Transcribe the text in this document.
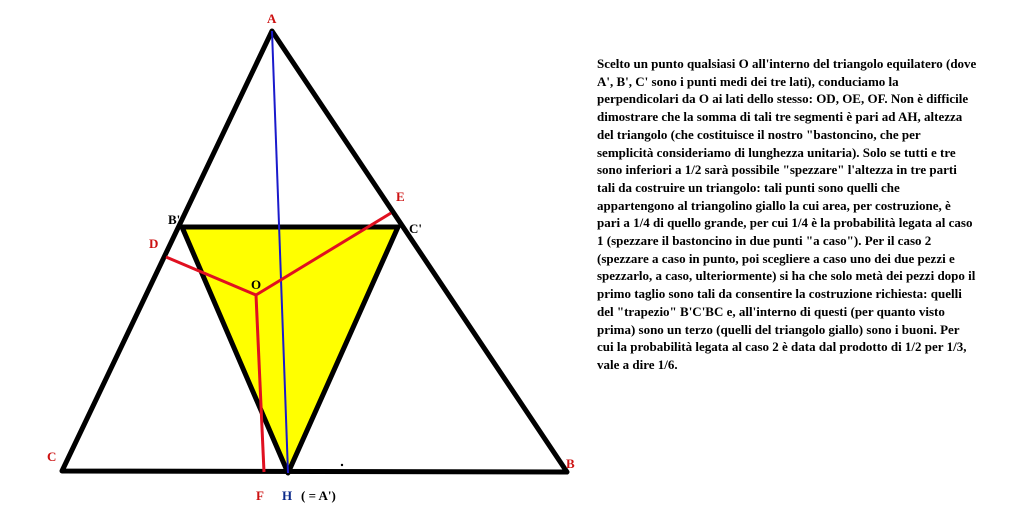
A
B'
C'
D
E
O
C	B
F H ( = A')

Scelto un punto qualsiasi O all'interno del triangolo equilatero (dove A', B', C' sono i punti medi dei tre lati), conduciamo la perpendicolari da O ai lati dello stesso: OD, OE, OF. Non è difficile dimostrare che la somma di tali tre segmenti è pari ad AH, altezza del triangolo (che costituisce il nostro "bastoncino, che per semplicità consideriamo di lunghezza unitaria). Solo se tutti e tre sono inferiori a 1/2 sarà possibile "spezzare" l'altezza in tre parti tali da costruire un triangolo: tali punti sono quelli che appartengono al triangolino giallo la cui area, per costruzione, è pari a 1/4 di quello grande, per cui 1/4 è la probabilità legata al caso 1 (spezzare il bastoncino in due punti "a caso"). Per il caso 2 (spezzare a caso in punto, poi scegliere a caso uno dei due pezzi e spezzarlo, a caso, ulteriormente) si ha che solo metà dei pezzi dopo il primo taglio sono tali da consentire la costruzione richiesta: quelli del "trapezio" B'C'BC e, all'interno di questi (per quanto visto prima) sono un terzo (quelli del triangolo giallo) sono i buoni. Per cui la probabilità legata al caso 2 è data dal prodotto di 1/2 per 1/3, vale a dire 1/6.
